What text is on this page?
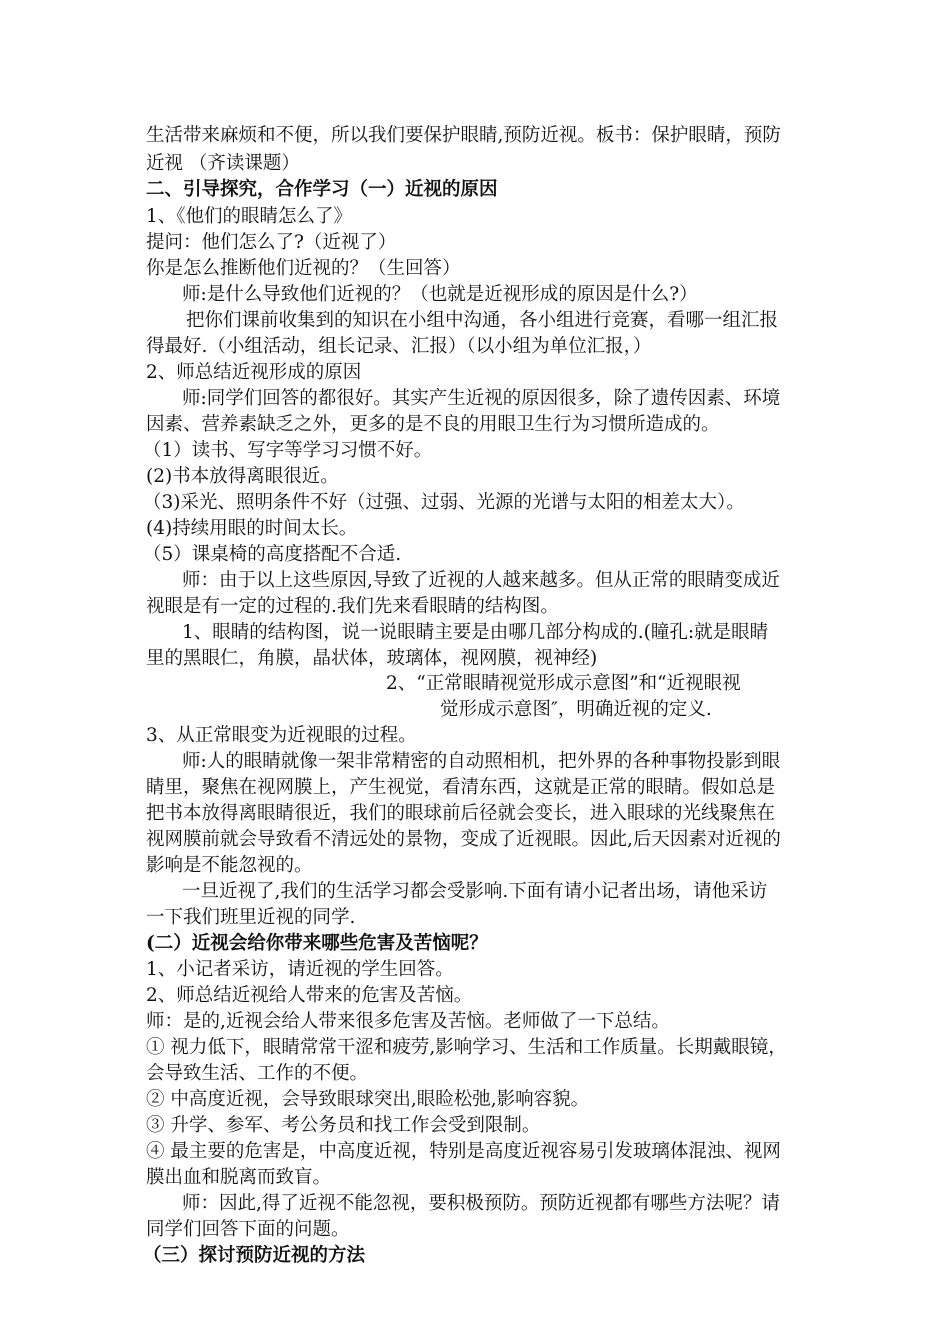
生活带来麻烦和不便，所以我们要保护眼睛,预防近视。板书：保护眼睛，预防
近视 （齐读课题）
二、引导探究，合作学习（一）近视的原因
1、《他们的眼睛怎么了》
提问：他们怎么了?（近视了）
你是怎么推断他们近视的？（生回答）
师:是什么导致他们近视的？（也就是近视形成的原因是什么?）
把你们课前收集到的知识在小组中沟通，各小组进行竞赛，看哪一组汇报
得最好.（小组活动，组长记录、汇报）（以小组为单位汇报，）
2、师总结近视形成的原因
师:同学们回答的都很好。其实产生近视的原因很多，除了遗传因素、环境
因素、营养素缺乏之外，更多的是不良的用眼卫生行为习惯所造成的。
（1）读书、写字等学习习惯不好。
(2)书本放得离眼很近。
（3)采光、照明条件不好（过强、过弱、光源的光谱与太阳的相差太大）。
(4)持续用眼的时间太长。
（5）课桌椅的高度搭配不合适.
师：由于以上这些原因,导致了近视的人越来越多。但从正常的眼睛变成近
视眼是有一定的过程的.我们先来看眼睛的结构图。
1、眼睛的结构图，说一说眼睛主要是由哪几部分构成的.(瞳孔:就是眼睛
里的黑眼仁，角膜，晶状体，玻璃体，视网膜，视神经)
2、“正常眼睛视觉形成示意图”和“近视眼视
觉形成示意图″，明确近视的定义.
3、从正常眼变为近视眼的过程。
师:人的眼睛就像一架非常精密的自动照相机，把外界的各种事物投影到眼
睛里，聚焦在视网膜上，产生视觉，看清东西，这就是正常的眼睛。假如总是
把书本放得离眼睛很近，我们的眼球前后径就会变长，进入眼球的光线聚焦在
视网膜前就会导致看不清远处的景物，变成了近视眼。因此,后天因素对近视的
影响是不能忽视的。
一旦近视了,我们的生活学习都会受影响.下面有请小记者出场，请他采访
一下我们班里近视的同学.
(二）近视会给你带来哪些危害及苦恼呢？
1、小记者采访，请近视的学生回答。
2、师总结近视给人带来的危害及苦恼。
师：是的,近视会给人带来很多危害及苦恼。老师做了一下总结。
① 视力低下，眼睛常常干涩和疲劳,影响学习、生活和工作质量。长期戴眼镜，
会导致生活、工作的不便。
② 中高度近视，会导致眼球突出,眼睑松弛,影响容貌。
③ 升学、参军、考公务员和找工作会受到限制。
④ 最主要的危害是，中高度近视，特别是高度近视容易引发玻璃体混浊、视网
膜出血和脱离而致盲。
师：因此,得了近视不能忽视，要积极预防。预防近视都有哪些方法呢？请
同学们回答下面的问题。
（三）探讨预防近视的方法
